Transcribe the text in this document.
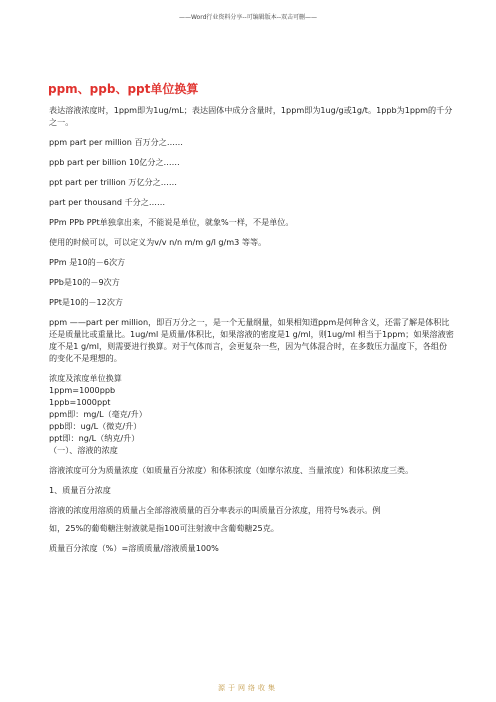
——Word行业资料分享--可编辑版本--双击可删——
ppm、ppb、ppt单位换算

表达溶液浓度时，1ppm即为1ug/mL；表达固体中成分含量时，1ppm即为1ug/g或1g/t。1ppb为1ppm的千分之一。

ppm part per million 百万分之……

ppb part per billion 10亿分之……

ppt part per trillion 万亿分之……

part per thousand 千分之……

PPm PPb PPt单独拿出来，不能说是单位，就象%一样，不是单位。

使用的时候可以，可以定义为v/v n/n m/m g/l g/m3 等等。

PPm 是10的－6次方

PPb是10的－9次方

PPt是10的－12次方

ppm ——part per million，即百万分之一，是一个无量纲量，如果相知道ppm是何种含义，还需了解是体积比还是质量比或重量比。1ug/ml 是质量/体积比，如果溶液的密度是1 g/ml，则1ug/ml 相当于1ppm；如果溶液密度不是1 g/ml，则需要进行换算。对于气体而言，会更复杂一些，因为气体混合时，在多数压力温度下，各组份的变化不是理想的。

浓度及浓度单位换算

1ppm=1000ppb

1ppb=1000ppt

ppm即：mg/L（毫克/升）

ppb即：ug/L（微克/升）

ppt即：ng/L（纳克/升）

（一）、溶液的浓度

溶液浓度可分为质量浓度（如质量百分浓度）和体积浓度（如摩尔浓度、当量浓度）和体积浓度三类。

1、质量百分浓度

溶液的浓度用溶质的质量占全部溶液质量的百分率表示的叫质量百分浓度，用符号%表示。例

如，25%的葡萄糖注射液就是指100可注射液中含葡萄糖25克。

质量百分浓度（%）=溶质质量/溶液质量100%

源于网络收集
